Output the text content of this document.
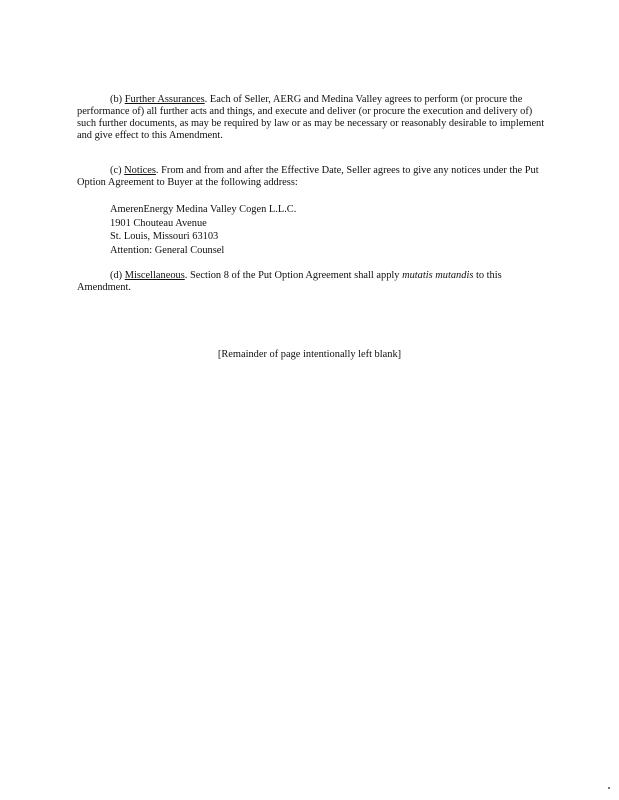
(b) Further Assurances. Each of Seller, AERG and Medina Valley agrees to perform (or procure the performance of) all further acts and things, and execute and deliver (or procure the execution and delivery of) such further documents, as may be required by law or as may be necessary or reasonably desirable to implement and give effect to this Amendment.

(c) Notices. From and from and after the Effective Date, Seller agrees to give any notices under the Put Option Agreement to Buyer at the following address:

AmerenEnergy Medina Valley Cogen L.L.C.
1901 Chouteau Avenue
St. Louis, Missouri 63103
Attention: General Counsel

(d) Miscellaneous. Section 8 of the Put Option Agreement shall apply mutatis mutandis to this Amendment.

[Remainder of page intentionally left blank]
